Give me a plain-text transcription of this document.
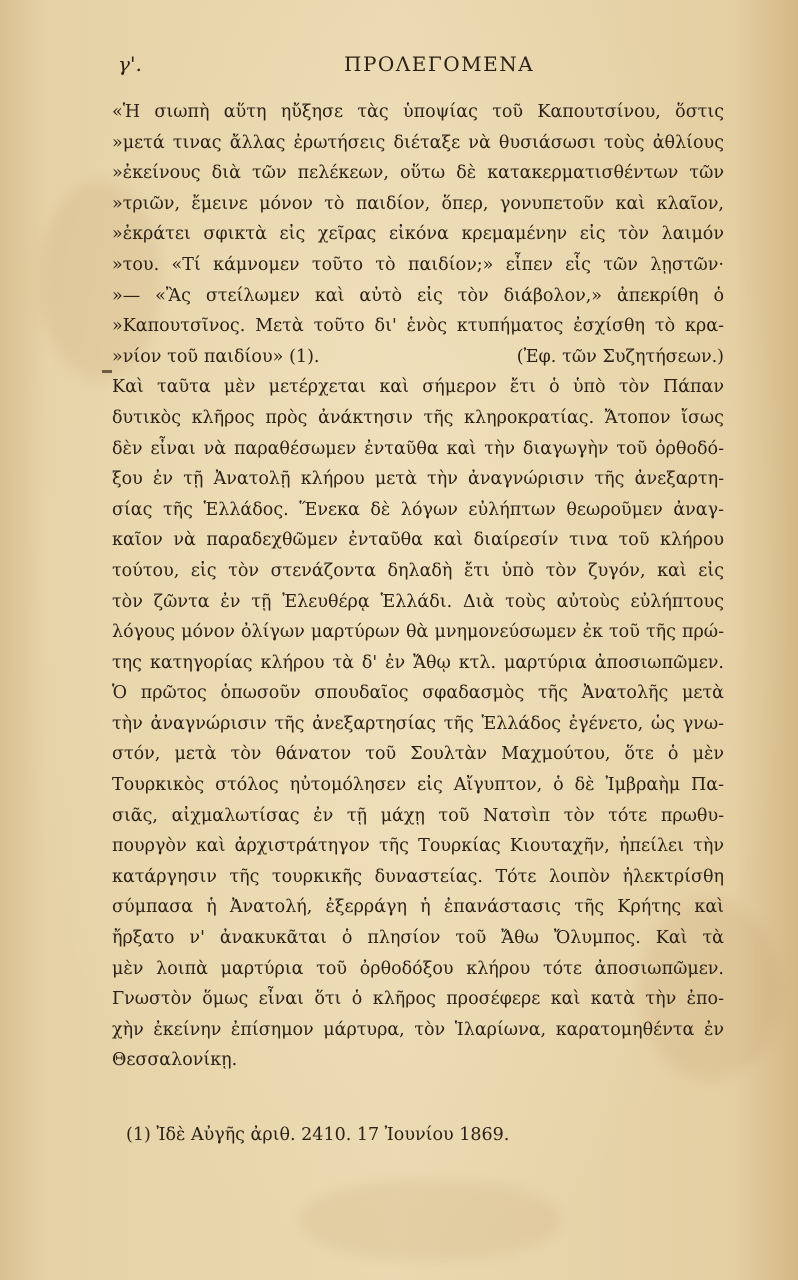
γ'.	ΠΡΟΛΕΓΟΜΕΝΑ
«Ἡ σιωπὴ αὕτη ηὔξησε τὰς ὑποψίας τοῦ Καπουτσίνου, ὅστις
»μετά τινας ἄλλας ἐρωτήσεις διέταξε νὰ θυσιάσωσι τοὺς ἀθλίους
»ἐκείνους διὰ τῶν πελέκεων, οὕτω δὲ κατακερματισθέντων τῶν
»τριῶν, ἔμεινε μόνον τὸ παιδίον, ὅπερ, γονυπετοῦν καὶ κλαῖον,
»ἐκράτει σφικτὰ εἰς χεῖρας εἰκόνα κρεμαμένην εἰς τὸν λαιμόν
»του. «Τί κάμνομεν τοῦτο τὸ παιδίον;» εἶπεν εἷς τῶν λῃστῶν·
»— «Ἂς στείλωμεν καὶ αὐτὸ εἰς τὸν διάβολον,» ἀπεκρίθη ὁ
»Καπουτσῖνος. Μετὰ τοῦτο δι' ἑνὸς κτυπήματος ἐσχίσθη τὸ κρα-
»νίον τοῦ παιδίου» (1).                                  (Ἐφ. τῶν Συζητήσεων.)
Καὶ ταῦτα μὲν μετέρχεται καὶ σήμερον ἔτι ὁ ὑπὸ τὸν Πάπαν
δυτικὸς κλῆρος πρὸς ἀνάκτησιν τῆς κληροκρατίας. Ἄτοπον ἴσως
δὲν εἶναι νὰ παραθέσωμεν ἐνταῦθα καὶ τὴν διαγωγὴν τοῦ ὀρθοδό-
ξου ἐν τῇ Ἀνατολῇ κλήρου μετὰ τὴν ἀναγνώρισιν τῆς ἀνεξαρτη-
σίας τῆς Ἑλλάδος. Ἕνεκα δὲ λόγων εὐλήπτων θεωροῦμεν ἀναγ-
καῖον νὰ παραδεχθῶμεν ἐνταῦθα καὶ διαίρεσίν τινα τοῦ κλήρου
τούτου, εἰς τὸν στενάζοντα δηλαδὴ ἔτι ὑπὸ τὸν ζυγόν, καὶ εἰς
τὸν ζῶντα ἐν τῇ Ἐλευθέρᾳ Ἑλλάδι. Διὰ τοὺς αὐτοὺς εὐλήπτους
λόγους μόνον ὀλίγων μαρτύρων θὰ μνημονεύσωμεν ἐκ τοῦ τῆς πρώ-
της κατηγορίας κλήρου τὰ δ' ἐν Ἄθῳ κτλ. μαρτύρια ἀποσιωπῶμεν.
Ὁ πρῶτος ὁπωσοῦν σπουδαῖος σφαδασμὸς τῆς Ἀνατολῆς μετὰ
τὴν ἀναγνώρισιν τῆς ἀνεξαρτησίας τῆς Ἑλλάδος ἐγένετο, ὡς γνω-
στόν, μετὰ τὸν θάνατον τοῦ Σουλτὰν Μαχμούτου, ὅτε ὁ μὲν
Τουρκικὸς στόλος ηὐτομόλησεν εἰς Αἴγυπτον, ὁ δὲ Ἰμβραὴμ Πα-
σιᾶς, αἰχμαλωτίσας ἐν τῇ μάχῃ τοῦ Νατσὶπ τὸν τότε πρωθυ-
πουργὸν καὶ ἀρχιστράτηγον τῆς Τουρκίας Κιουταχῆν, ἠπείλει τὴν
κατάργησιν τῆς τουρκικῆς δυναστείας. Τότε λοιπὸν ἠλεκτρίσθη
σύμπασα ἡ Ἀνατολή, ἐξερράγη ἡ ἐπανάστασις τῆς Κρήτης καὶ
ἤρξατο ν' ἀνακυκᾶται ὁ πλησίον τοῦ Ἄθω Ὄλυμπος. Καὶ τὰ
μὲν λοιπὰ μαρτύρια τοῦ ὀρθοδόξου κλήρου τότε ἀποσιωπῶμεν.
Γνωστὸν ὅμως εἶναι ὅτι ὁ κλῆρος προσέφερε καὶ κατὰ τὴν ἐπο-
χὴν ἐκείνην ἐπίσημον μάρτυρα, τὸν Ἱλαρίωνα, καρατομηθέντα ἐν
Θεσσαλονίκῃ.
(1) Ἰδὲ Αὐγῆς ἀριθ. 2410. 17 Ἰουνίου 1869.
